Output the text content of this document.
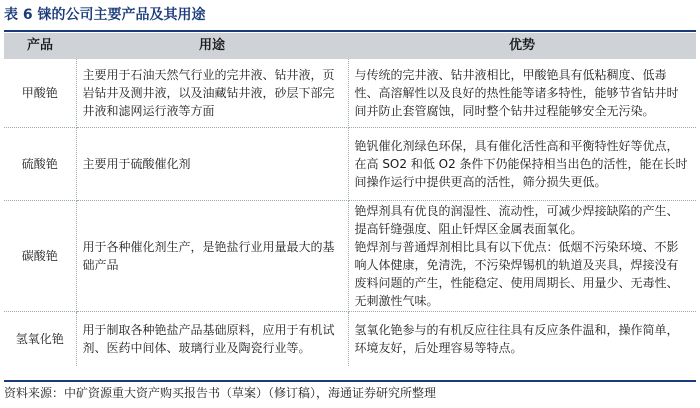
表 6 铼的公司主要产品及其用途
产品	用途	优势
甲酸铯	主要用于石油天然气行业的完井液、钻井液，页岩钻井及测井液，以及油藏钻井液，砂层下部完井液和滤网运行液等方面	与传统的完井液、钻井液相比，甲酸铯具有低粘稠度、低毒性、高溶解性以及良好的热性能等诸多特性，能够节省钻井时间并防止套管腐蚀，同时整个钻井过程能够安全无污染。

硫酸铯	主要用于硫酸催化剂	铯钒催化剂绿色环保，具有催化活性高和平衡特性好等优点，在高 SO2 和低 O2 条件下仍能保持相当出色的活性，能在长时间操作运行中提供更高的活性，筛分损失更低。

碳酸铯	用于各种催化剂生产，是铯盐行业用量最大的基础产品	铯焊剂具有优良的润湿性、流动性，可减少焊接缺陷的产生、提高钎缝强度、阻止钎焊区金属表面氧化。
铯焊剂与普通焊剂相比具有以下优点：低烟不污染环境、不影响人体健康，免清洗，不污染焊锡机的轨道及夹具，焊接没有废料问题的产生，性能稳定、使用周期长、用量少、无毒性、无刺激性气味。

氢氧化铯	用于制取各种铯盐产品基础原料，应用于有机试剂、医药中间体、玻璃行业及陶瓷行业等。	氢氧化铯参与的有机反应往往具有反应条件温和，操作简单，环境友好，后处理容易等特点。
资料来源：中矿资源重大资产购买报告书（草案）（修订稿），海通证券研究所整理
